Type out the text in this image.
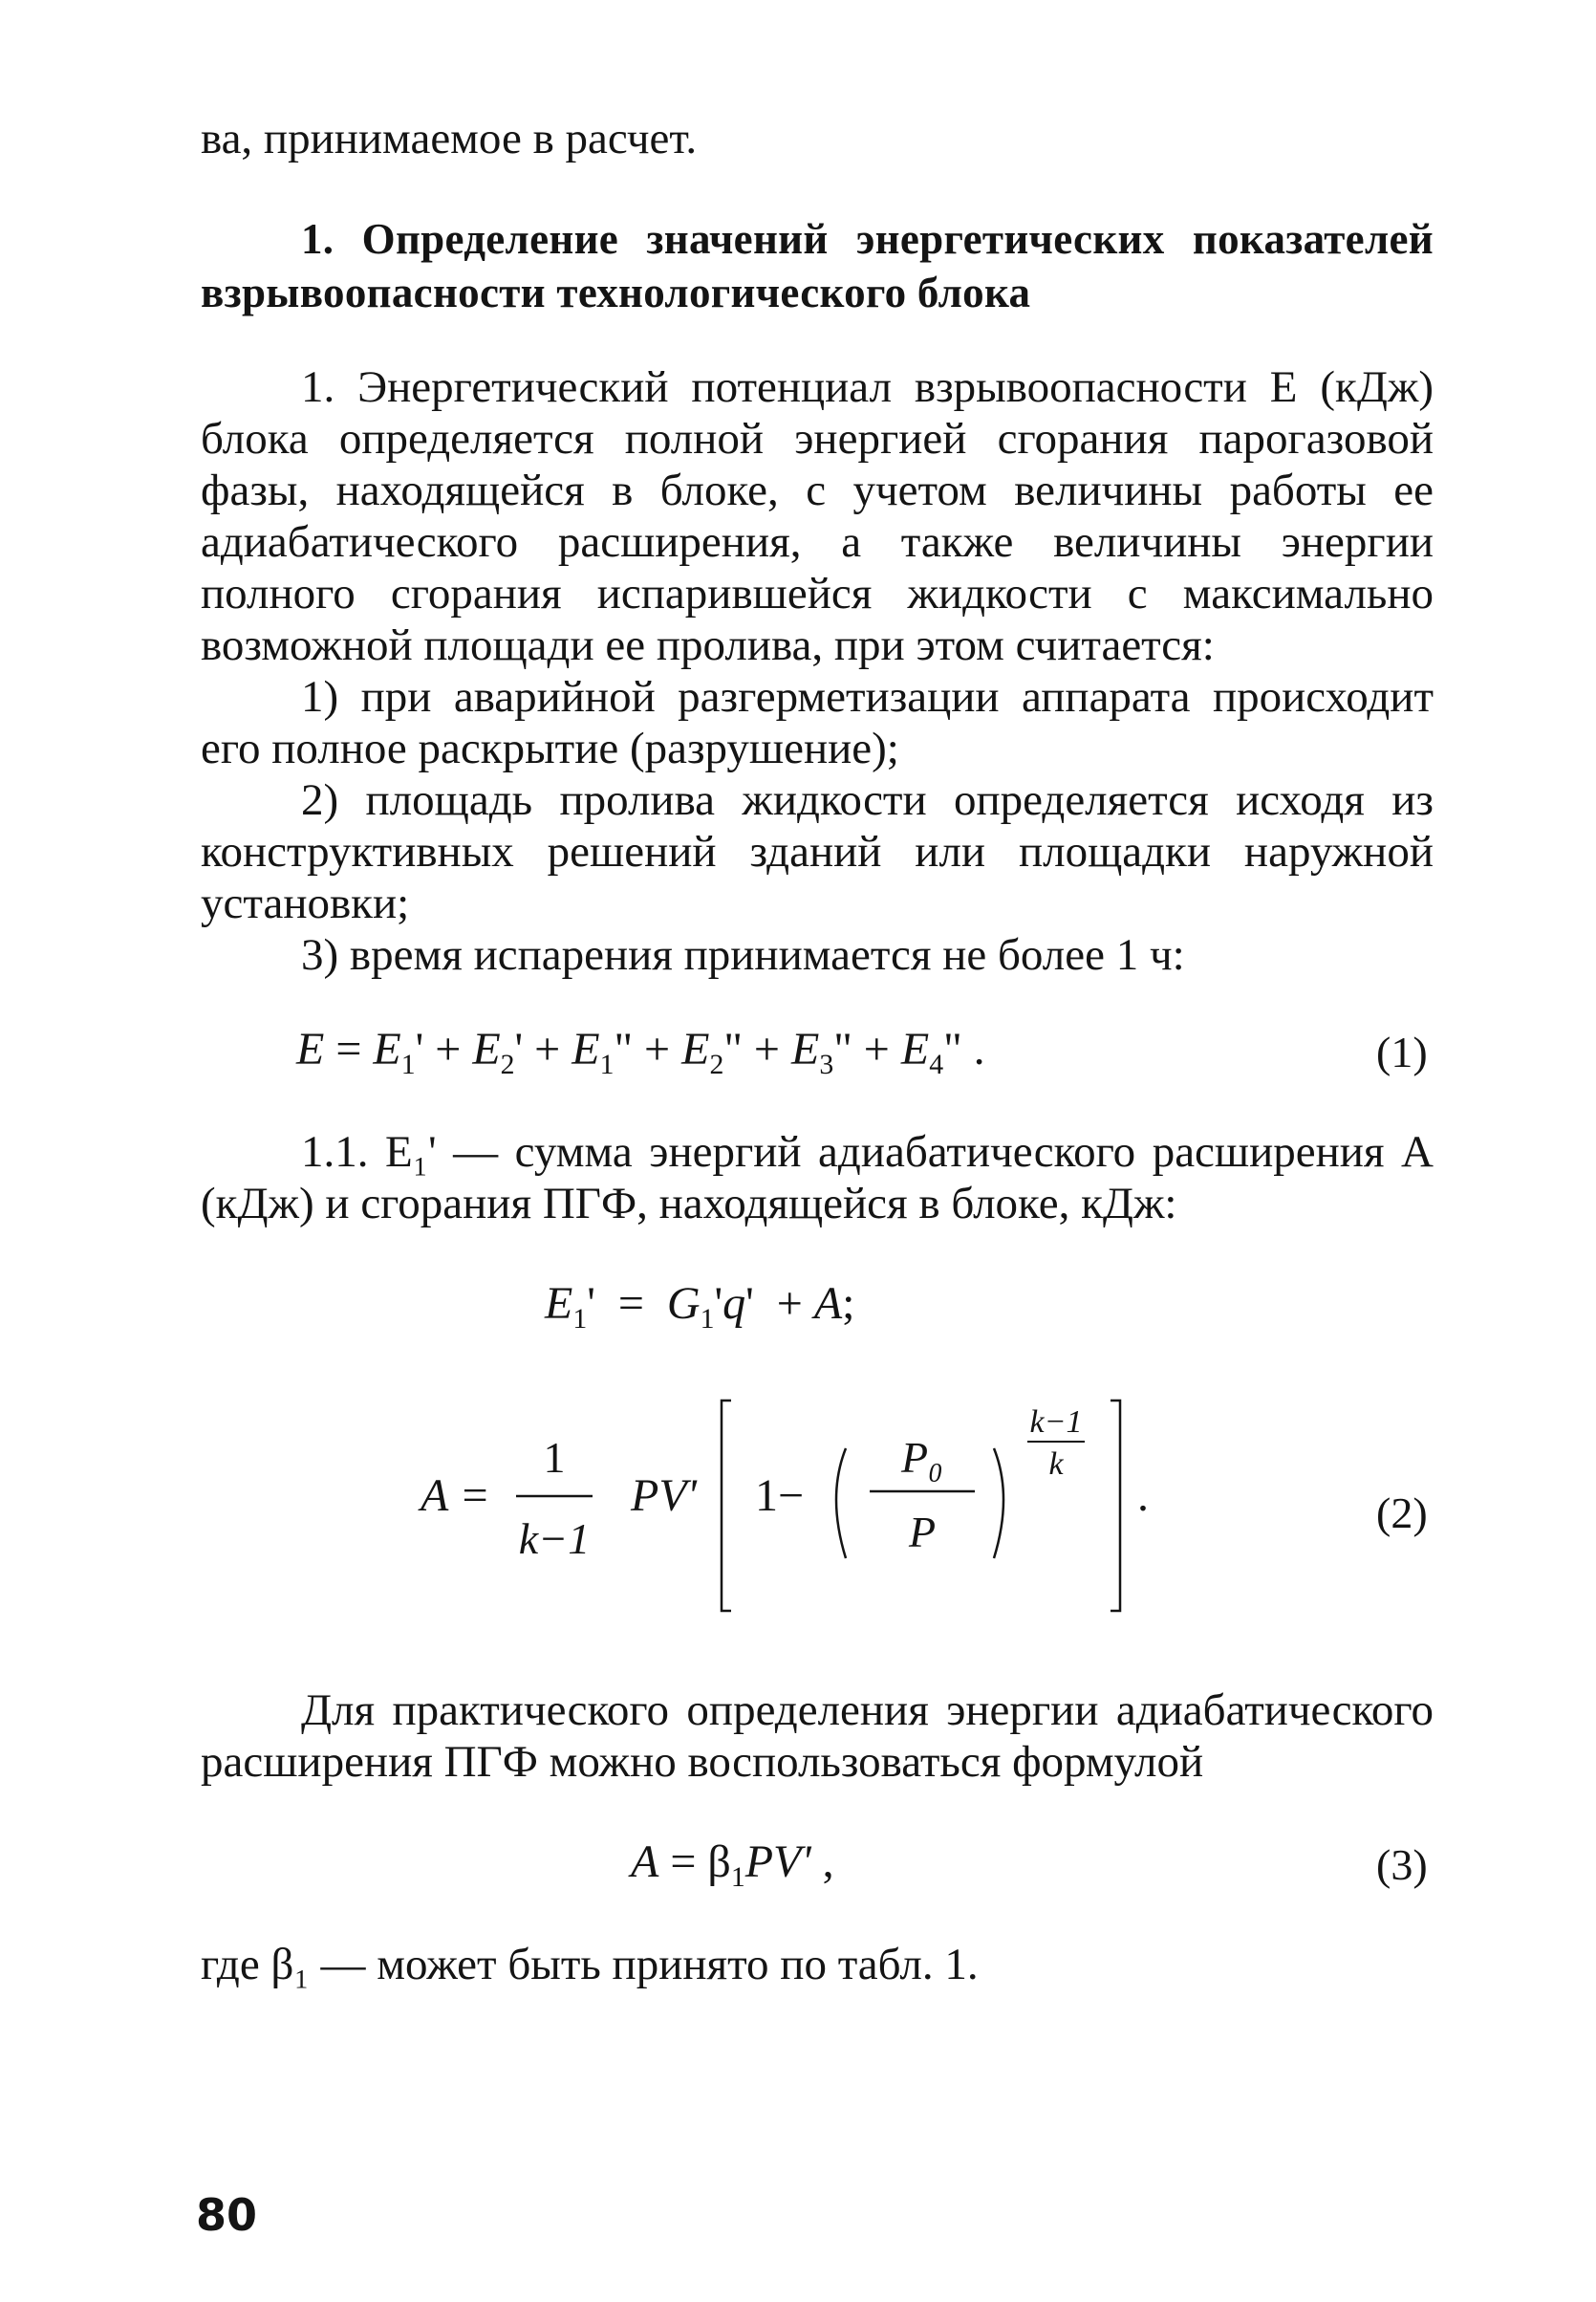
ва, принимаемое в расчет.

1. Определение значений энергетических показателей взрывоопасности технологического блока

1. Энергетический потенциал взрывоопасности E (кДж) блока определяется полной энергией сгорания парогазовой фазы, находящейся в блоке, с учетом величины работы ее адиабатического расширения, а также величины энергии полного сгорания испарившейся жидкости с максимально возможной площади ее пролива, при этом считается:

1) при аварийной разгерметизации аппарата происходит его полное раскрытие (разрушение);

2) площадь пролива жидкости определяется исходя из конструктивных решений зданий или площадки наружной установки;

3) время испарения принимается не более 1 ч:

$E = E_1' + E_2' + E_1$" + $E_2$" + $E_3$" + $E_4$" .	(1)

1.1. E₁' — сумма энергий адиабатического расширения A (кДж) и сгорания ПГФ, находящейся в блоке, кДж:

$E_1' = G_1'q' + A$;
A =
1
k−1
PV' 1−
P₀
P
k−1
k
.	(2)

Для практического определения энергии адиабатического расширения ПГФ можно воспользоваться формулой

$A = \beta_1PV'$ ,	(3)

где β₁ — может быть принято по табл. 1.

80
